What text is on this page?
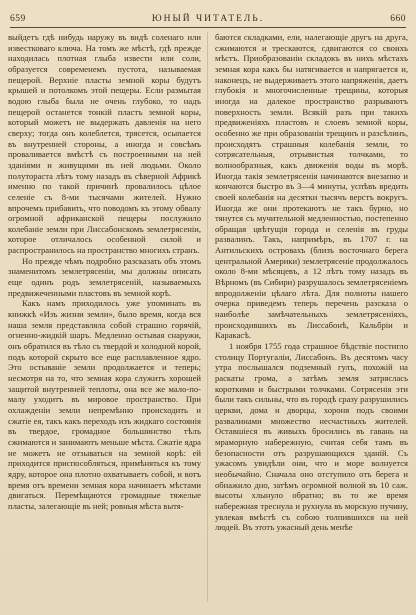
659	ЮНЫЙ ЧИТАТЕЛЬ.	660

выйдетъ гдѣ нибудь наружу въ видѣ соленаго или известковаго ключа. На томъ же мѣстѣ, гдѣ прежде находилась плотная глыба извести или соли, образуется современемъ пустота, называемая пещерой. Верхніе пласты земной коры будутъ крышей и потолкомъ этой пещеры. Если размытая водою глыба была не очень глубоко, то надъ пещерой останется тонкій пластъ земной коры, который можетъ не выдержать давленія на него сверху; тогда онъ колеблется, трясется, осыпается въ внутренней стороны, а иногда и совсѣмъ проваливается вмѣстѣ съ построенными на ней зданіями и живущими въ ней людьми. Около полутораста лѣтъ тому назадъ въ сѣверной Африкѣ именно по такой причинѣ провалилось цѣлое селеніе съ 8-ми тысячами жителей. Нужно впрочемъ прибавить, что поводомъ къ этому обвалу огромной африканской пещеры послужило колебаніе земли при Лиссабонскомъ землетрясеніи, которое отличалось особенной силой и распространилось на пространство многихъ странъ.

Но прежде чѣмъ подробно разсказать объ этомъ знаменитомъ землетрясеніи, мы должны описать еще одинъ родъ землетрясеній, называемыхъ предвижеченными пластовъ въ земной корѣ.

Какъ намъ приходилось уже упоминать въ книжкѣ «Изъ жизни земли», было время, когда вся наша земля представляла собой страшно горячій, огненно-жидкій шаръ. Медленно остывая снаружи, онъ обратился въ тѣло съ твердой и холодной корой, подъ которой скрыто все еще расплавленное ядро. Это остываніе земли продолжается и теперь; несмотря на то, что земная кора служитъ хорошей защитой внутренней теплоты, она все же мало-по-малу уходитъ въ мировое пространство. При охлажденіи земли непремѣнно происходить и сжатіе ея, такъ какъ переходъ изъ жидкаго состоянія въ твердое, громадное большинство тѣлъ сжимаются и занимаютъ меньше мѣста. Сжатіе ядра не можетъ не отзываться на земной корѣ: ей приходится приспособляться, примѣняться къ тому ядру, которое она плотно охватываетъ собой, и вотъ время отъ времени земная кора начинаетъ мѣстами двигаться. Перемѣщаются громадные тяжелые пласты, залегающіе въ ней; ровныя мѣста вытя-

баются складками, ели, налегающіе другъ на друга, сжимаются и трескаются, сдвигаются со своихъ мѣстъ. Приобразованіи складокъ въ нихъ мѣстахъ земная кора какъ бы натягивается и напрягается и, наконецъ, не выдерживаетъ этого напряженія, даетъ глубокія и многочисленные трещины, которыя иногда на далекое пространство разрываютъ поверхность земли. Всякій разъ при такихъ предвиженіяхъ пластовъ и слоевъ земной коры, особенно же при образованіи трещинъ и разсѣлинъ, происходятъ страшныя колебанія земли, то сотрясательныя, отрывистыя толчками, то волнообразныя, какъ движенія воды въ морѣ. Иногда такія землетрясенія начинаются внезапно и кончаются быстро въ 3—4 минуты, успѣвъ вредить своей колебанія на десятки тысячъ верстъ вокругъ. Иногда же они протекаютъ не такъ бурно, но тянутся съ мучительной медленностью, постепенно обращая цвѣтущія города и селенія въ груды развалинъ. Такъ, напримѣръ, въ 1707 г. на Антильскихъ островахъ (близъ восточнаго берега центральной Америки) землетрясеніе продолжалось около 8-ми мѣсяцевъ, а 12 лѣтъ тому назадъ въ Вѣрномъ (въ Сибири) разрушалось землетрясеніемъ впродолженіи цѣлаго лѣта. Для полноты нашего очерка приведемъ теперь перечень разсказа о наиболѣе замѣчательныхъ землетрясеніяхъ, происходившихъ въ Лиссабонѣ, Кальбріи и Каракасѣ.

1 ноября 1755 года страшное бѣдствіе постигло столицу Португаліи, Лиссабонъ. Въ десятомъ часу утра послышался подземный гулъ, похожій на раскаты грома, а затѣмъ земля затряслась короткими и быстрыми толчками. Сотрясенія эти были такъ сильны, что въ городѣ сразу разрушились церкви, дома и дворцы, хороня подъ своими развалинами множество несчастныхъ жителей. Оставшіеся въ живыхъ бросились въ гавань на мраморную набережную, считая себя тамъ въ безопасности отъ разрушающихся зданій. Съ ужасомъ увидѣли они, что и море волнуется необычайно. Сначала оно отступило отъ берега и обнажило дно, затѣмъ огромной волной въ 10 саж. высоты хлынуло обратно; въ то же время набережная треснула и рухнула въ морскую пучину, увлекая вмѣстѣ съ собою толпившихся на ней людей. Въ этотъ ужасный день менѣе
